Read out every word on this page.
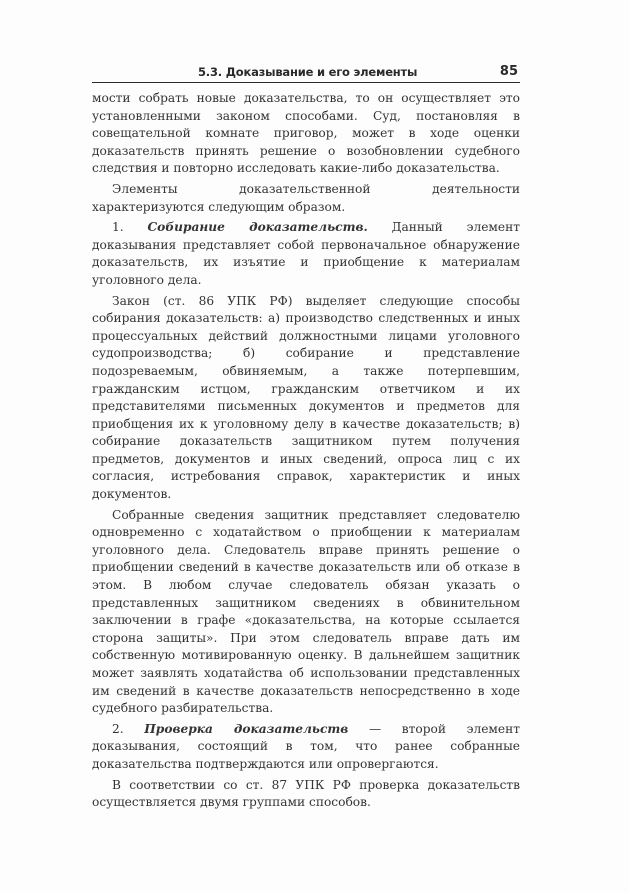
5.3. Доказывание и его элементы	85

мости собрать новые доказательства, то он осуществляет это установленными законом способами. Суд, постановляя в совещательной комнате приговор, может в ходе оценки доказательств принять решение о возобновлении судебного следствия и повторно исследовать какие-либо доказательства.

Элементы доказательственной деятельности характеризуются следующим образом.

1. Собирание доказательств. Данный элемент доказывания представляет собой первоначальное обнаружение доказательств, их изъятие и приобщение к материалам уголовного дела.

Закон (ст. 86 УПК РФ) выделяет следующие способы собирания доказательств: а) производство следственных и иных процессуальных действий должностными лицами уголовного судопроизводства; б) собирание и представление подозреваемым, обвиняемым, а также потерпевшим, гражданским истцом, гражданским ответчиком и их представителями письменных документов и предметов для приобщения их к уголовному делу в качестве доказательств; в) собирание доказательств защитником путем получения предметов, документов и иных сведений, опроса лиц с их согласия, истребования справок, характеристик и иных документов.

Собранные сведения защитник представляет следователю одновременно с ходатайством о приобщении к материалам уголовного дела. Следователь вправе принять решение о приобщении сведений в качестве доказательств или об отказе в этом. В любом случае следователь обязан указать о представленных защитником сведениях в обвинительном заключении в графе «доказательства, на которые ссылается сторона защиты». При этом следователь вправе дать им собственную мотивированную оценку. В дальнейшем защитник может заявлять ходатайства об использовании представленных им сведений в качестве доказательств непосредственно в ходе судебного разбирательства.

2. Проверка доказательств — второй элемент доказывания, состоящий в том, что ранее собранные доказательства подтверждаются или опровергаются.

В соответствии со ст. 87 УПК РФ проверка доказательств осуществляется двумя группами способов.
